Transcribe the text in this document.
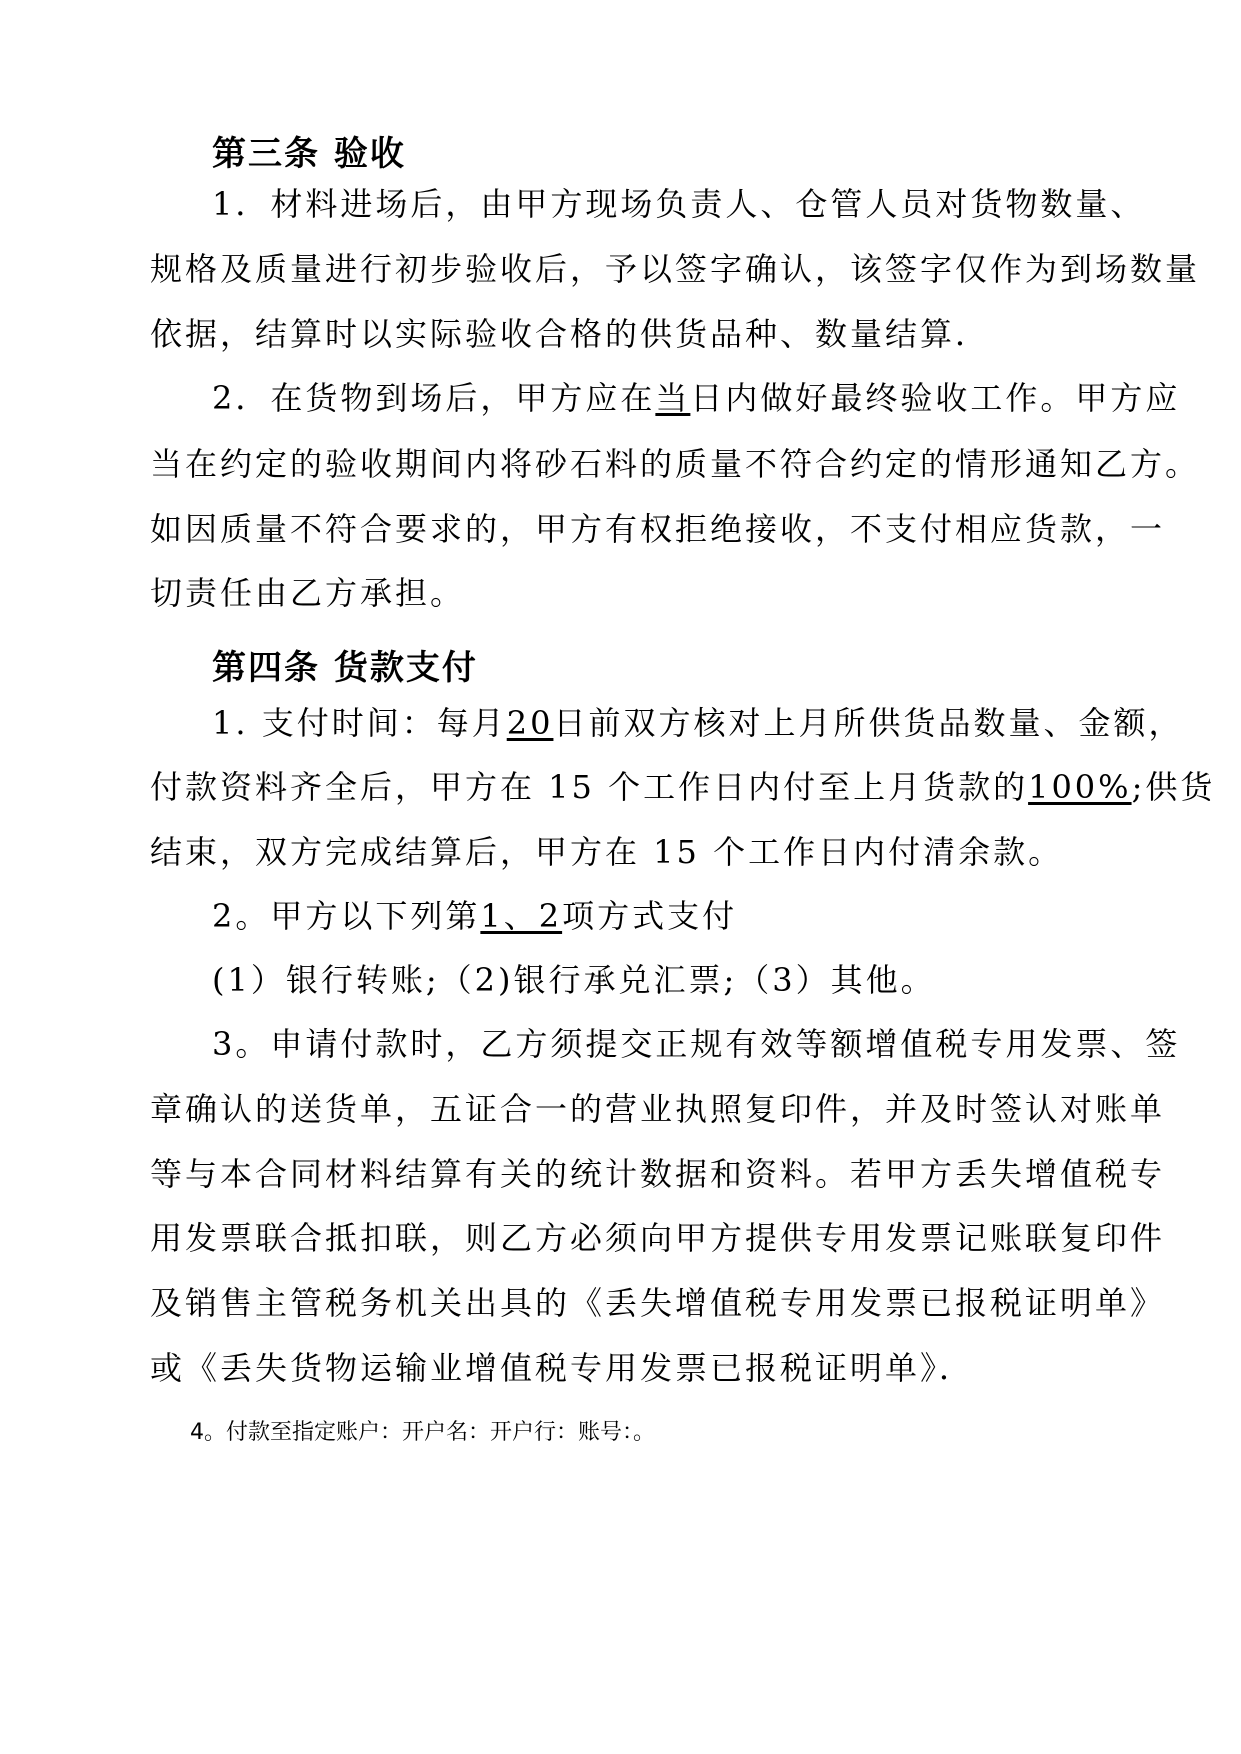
第三条 验收
1．材料进场后，由甲方现场负责人、仓管人员对货物数量、
规格及质量进行初步验收后，予以签字确认，该签字仅作为到场数量
依据，结算时以实际验收合格的供货品种、数量结算．
2．在货物到场后，甲方应在当日内做好最终验收工作。甲方应
当在约定的验收期间内将砂石料的质量不符合约定的情形通知乙方。
如因质量不符合要求的，甲方有权拒绝接收，不支付相应货款，一
切责任由乙方承担。
第四条 货款支付
1. 支付时间：每月20日前双方核对上月所供货品数量、金额，
付款资料齐全后，甲方在 15 个工作日内付至上月货款的100%;供货
结束，双方完成结算后，甲方在 15 个工作日内付清余款。
2。甲方以下列第1、2项方式支付
(1）银行转账;（2)银行承兑汇票;（3）其他。
3。申请付款时，乙方须提交正规有效等额增值税专用发票、签
章确认的送货单，五证合一的营业执照复印件，并及时签认对账单
等与本合同材料结算有关的统计数据和资料。若甲方丢失增值税专
用发票联合抵扣联，则乙方必须向甲方提供专用发票记账联复印件
及销售主管税务机关出具的《丢失增值税专用发票已报税证明单》
或《丢失货物运输业增值税专用发票已报税证明单》．
4。付款至指定账户：开户名：开户行：账号：。
